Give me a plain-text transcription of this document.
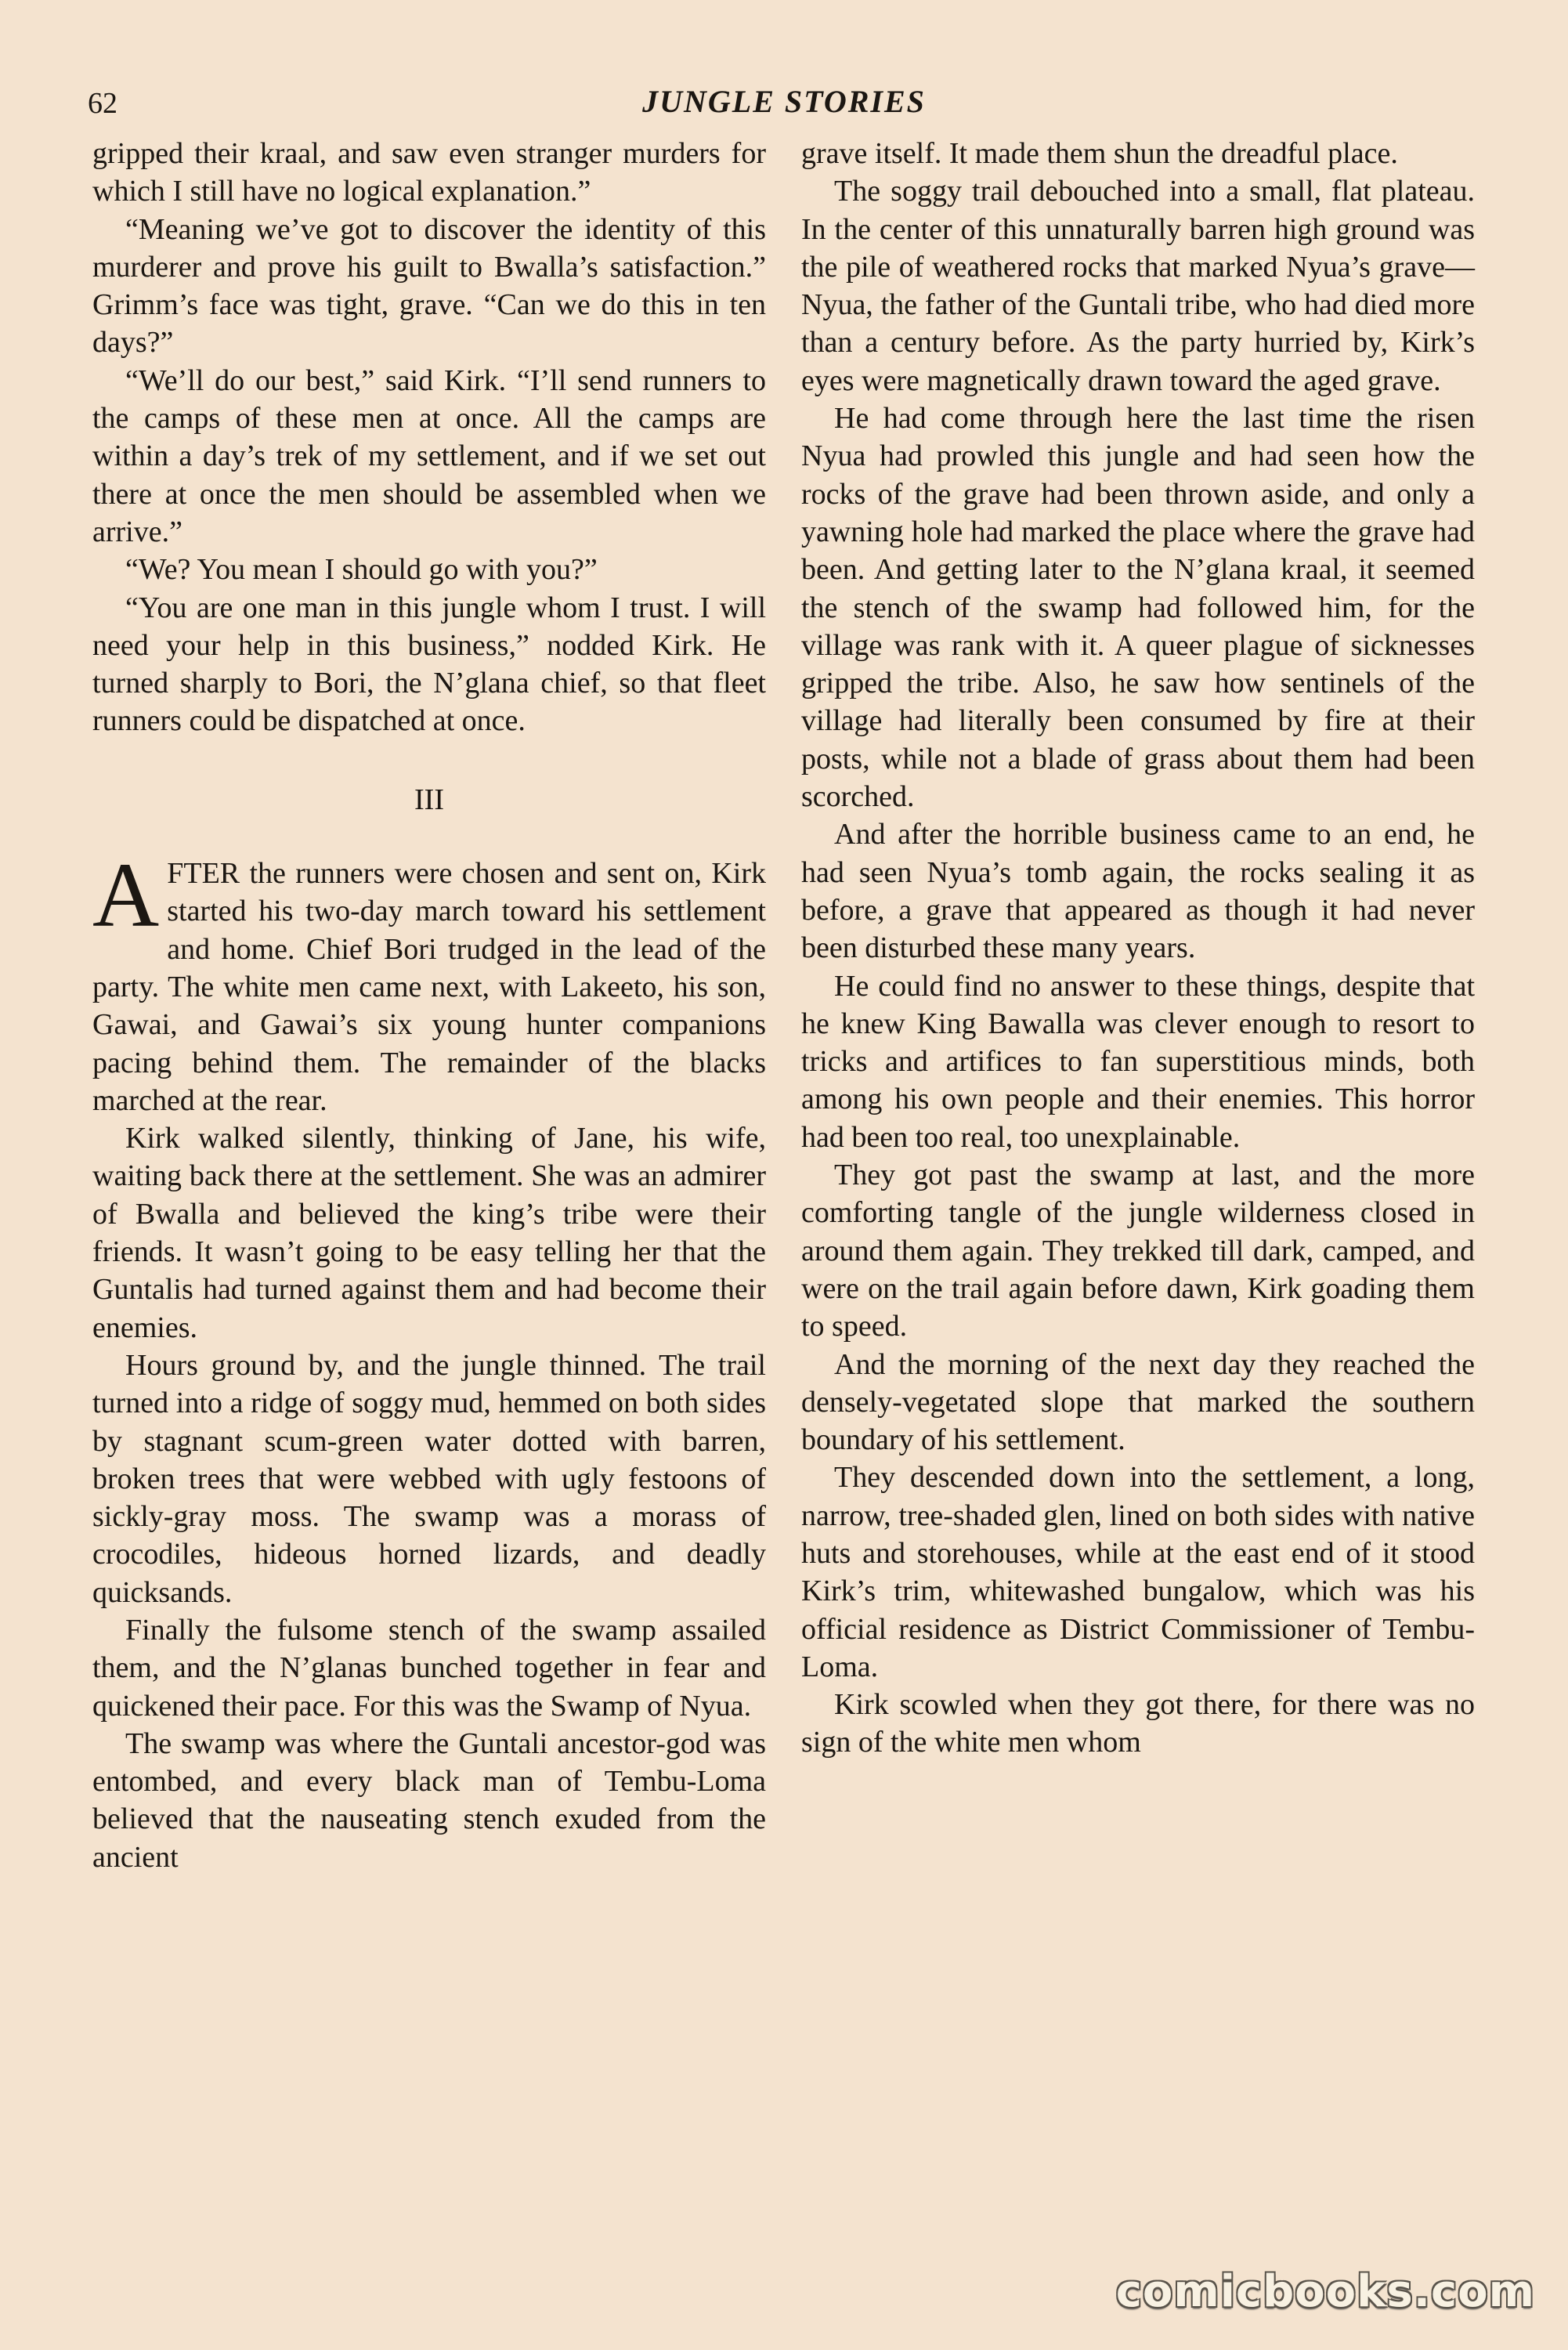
62	JUNGLE STORIES

gripped their kraal, and saw even stranger murders for which I still have no logical explanation.”

“Meaning we’ve got to discover the identity of this murderer and prove his guilt to Bwalla’s satisfaction.” Grimm’s face was tight, grave. “Can we do this in ten days?”

“We’ll do our best,” said Kirk. “I’ll send runners to the camps of these men at once. All the camps are within a day’s trek of my settlement, and if we set out there at once the men should be assembled when we arrive.”

“We? You mean I should go with you?”

“You are one man in this jungle whom I trust. I will need your help in this business,” nodded Kirk. He turned sharply to Bori, the N’glana chief, so that fleet runners could be dispatched at once.

III

AFTER the runners were chosen and sent on, Kirk started his two-day march toward his settlement and home. Chief Bori trudged in the lead of the party. The white men came next, with Lakeeto, his son, Gawai, and Gawai’s six young hunter companions pacing behind them. The remainder of the blacks marched at the rear.

Kirk walked silently, thinking of Jane, his wife, waiting back there at the settlement. She was an admirer of Bwalla and believed the king’s tribe were their friends. It wasn’t going to be easy telling her that the Guntalis had turned against them and had become their enemies.

Hours ground by, and the jungle thinned. The trail turned into a ridge of soggy mud, hemmed on both sides by stagnant scum-green water dotted with barren, broken trees that were webbed with ugly festoons of sickly-gray moss. The swamp was a morass of crocodiles, hideous horned lizards, and deadly quicksands.

Finally the fulsome stench of the swamp assailed them, and the N’glanas bunched together in fear and quickened their pace. For this was the Swamp of Nyua.

The swamp was where the Guntali ancestor-god was entombed, and every black man of Tembu-Loma believed that the nauseating stench exuded from the ancient

grave itself. It made them shun the dreadful place.

The soggy trail debouched into a small, flat plateau. In the center of this unnaturally barren high ground was the pile of weathered rocks that marked Nyua’s grave—Nyua, the father of the Guntali tribe, who had died more than a century before. As the party hurried by, Kirk’s eyes were magnetically drawn toward the aged grave.

He had come through here the last time the risen Nyua had prowled this jungle and had seen how the rocks of the grave had been thrown aside, and only a yawning hole had marked the place where the grave had been. And getting later to the N’glana kraal, it seemed the stench of the swamp had followed him, for the village was rank with it. A queer plague of sicknesses gripped the tribe. Also, he saw how sentinels of the village had literally been consumed by fire at their posts, while not a blade of grass about them had been scorched.

And after the horrible business came to an end, he had seen Nyua’s tomb again, the rocks sealing it as before, a grave that appeared as though it had never been disturbed these many years.

He could find no answer to these things, despite that he knew King Bawalla was clever enough to resort to tricks and artifices to fan superstitious minds, both among his own people and their enemies. This horror had been too real, too unexplainable.

They got past the swamp at last, and the more comforting tangle of the jungle wilderness closed in around them again. They trekked till dark, camped, and were on the trail again before dawn, Kirk goading them to speed.

And the morning of the next day they reached the densely-vegetated slope that marked the southern boundary of his settlement.

They descended down into the settlement, a long, narrow, tree-shaded glen, lined on both sides with native huts and storehouses, while at the east end of it stood Kirk’s trim, whitewashed bungalow, which was his official residence as District Commissioner of Tembu-Loma.

Kirk scowled when they got there, for there was no sign of the white men whom

comicbooks.com
